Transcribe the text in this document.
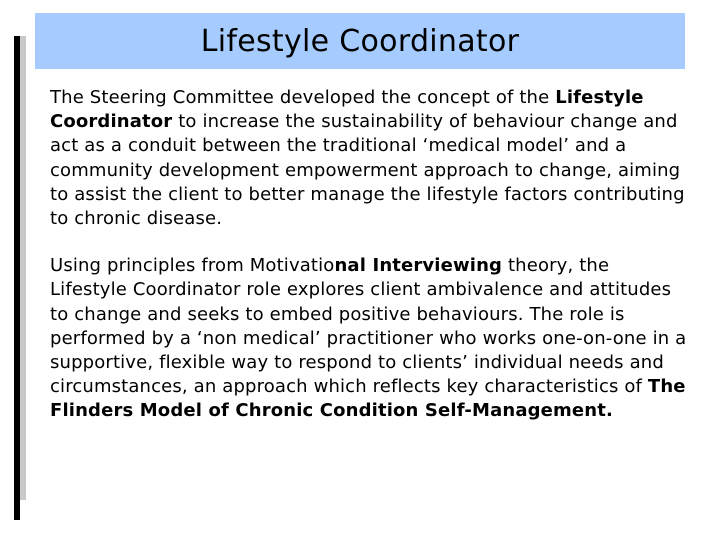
Lifestyle Coordinator

The Steering Committee developed the concept of the Lifestyle Coordinator to increase the sustainability of behaviour change and act as a conduit between the traditional ‘medical model’ and a community development empowerment approach to change, aiming to assist the client to better manage the lifestyle factors contributing to chronic disease.

Using principles from Motivational Interviewing theory, the Lifestyle Coordinator role explores client ambivalence and attitudes to change and seeks to embed positive behaviours. The role is performed by a ‘non medical’ practitioner who works one-on-one in a supportive, flexible way to respond to clients’ individual needs and circumstances, an approach which reflects key characteristics of The Flinders Model of Chronic Condition Self-Management.
